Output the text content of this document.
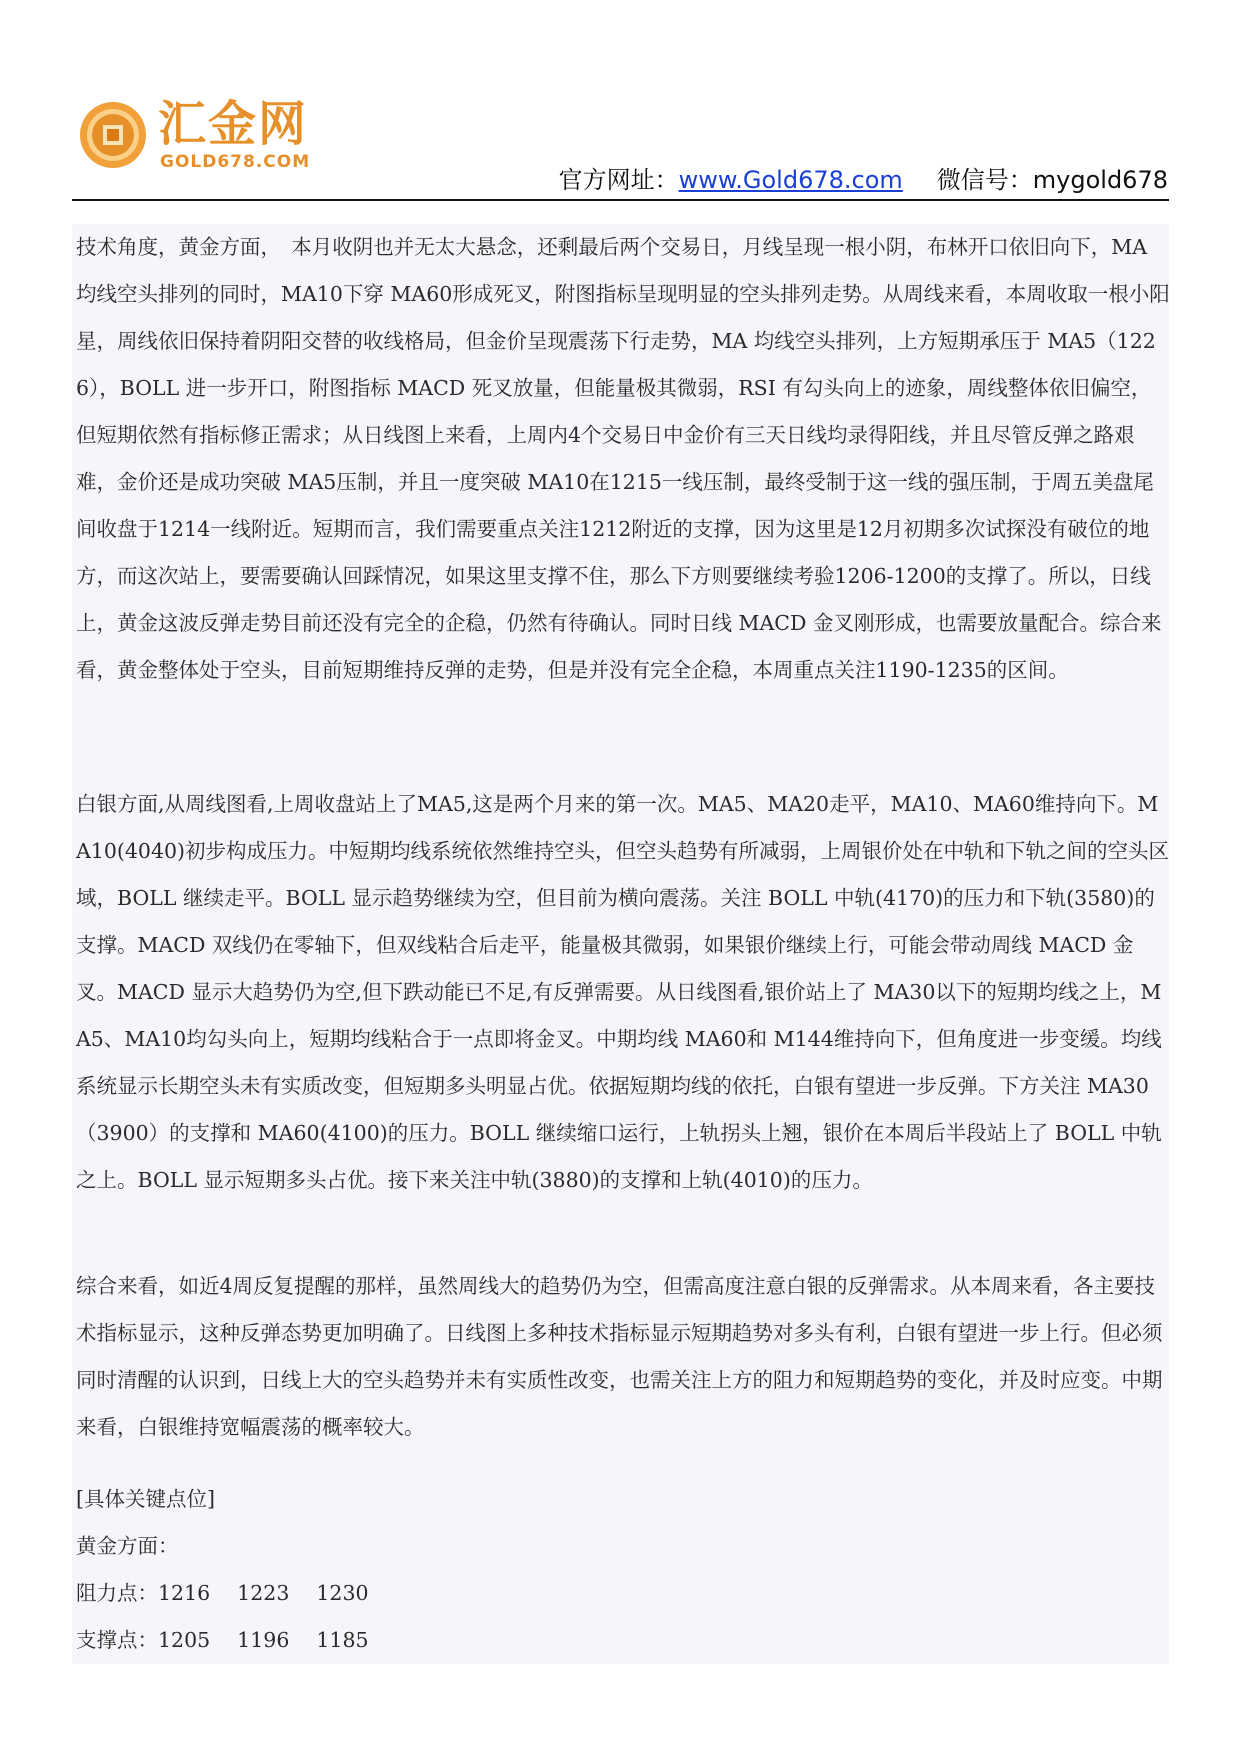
汇金网
GOLD678.COM
官方网址：www.Gold678.com 微信号：mygold678

技术角度，黄金方面，　本月收阴也并无太大悬念，还剩最后两个交易日，月线呈现一根小阴，布林开口依旧向下，MA 均线空头排列的同时，MA10下穿 MA60形成死叉，附图指标呈现明显的空头排列走势。从周线来看，本周收取一根小阳星，周线依旧保持着阴阳交替的收线格局，但金价呈现震荡下行走势，MA 均线空头排列，上方短期承压于 MA5（1226），BOLL 进一步开口，附图指标 MACD 死叉放量，但能量极其微弱，RSI 有勾头向上的迹象，周线整体依旧偏空，但短期依然有指标修正需求；从日线图上来看，上周内4个交易日中金价有三天日线均录得阳线，并且尽管反弹之路艰难，金价还是成功突破 MA5压制，并且一度突破 MA10在1215一线压制，最终受制于这一线的强压制，于周五美盘尾间收盘于1214一线附近。短期而言，我们需要重点关注1212附近的支撑，因为这里是12月初期多次试探没有破位的地方，而这次站上，要需要确认回踩情况，如果这里支撑不住，那么下方则要继续考验1206-1200的支撑了。所以，日线上，黄金这波反弹走势目前还没有完全的企稳，仍然有待确认。同时日线 MACD 金叉刚形成，也需要放量配合。综合来看，黄金整体处于空头，目前短期维持反弹的走势，但是并没有完全企稳，本周重点关注1190-1235的区间。

白银方面,从周线图看,上周收盘站上了MA5,这是两个月来的第一次。MA5、MA20走平，MA10、MA60维持向下。MA10(4040)初步构成压力。中短期均线系统依然维持空头，但空头趋势有所减弱，上周银价处在中轨和下轨之间的空头区域，BOLL 继续走平。BOLL 显示趋势继续为空，但目前为横向震荡。关注 BOLL 中轨(4170)的压力和下轨(3580)的支撑。MACD 双线仍在零轴下，但双线粘合后走平，能量极其微弱，如果银价继续上行，可能会带动周线 MACD 金叉。MACD 显示大趋势仍为空,但下跌动能已不足,有反弹需要。从日线图看,银价站上了 MA30以下的短期均线之上，MA5、MA10均勾头向上，短期均线粘合于一点即将金叉。中期均线 MA60和 M144维持向下，但角度进一步变缓。均线系统显示长期空头未有实质改变，但短期多头明显占优。依据短期均线的依托，白银有望进一步反弹。下方关注 MA30（3900）的支撑和 MA60(4100)的压力。BOLL 继续缩口运行，上轨拐头上翘，银价在本周后半段站上了 BOLL 中轨之上。BOLL 显示短期多头占优。接下来关注中轨(3880)的支撑和上轨(4010)的压力。

综合来看，如近4周反复提醒的那样，虽然周线大的趋势仍为空，但需高度注意白银的反弹需求。从本周来看，各主要技术指标显示，这种反弹态势更加明确了。日线图上多种技术指标显示短期趋势对多头有利，白银有望进一步上行。但必须同时清醒的认识到，日线上大的空头趋势并未有实质性改变，也需关注上方的阻力和短期趋势的变化，并及时应变。中期来看，白银维持宽幅震荡的概率较大。

[具体关键点位]

黄金方面：

阻力点：1216　 1223　 1230

支撑点：1205　 1196　 1185
